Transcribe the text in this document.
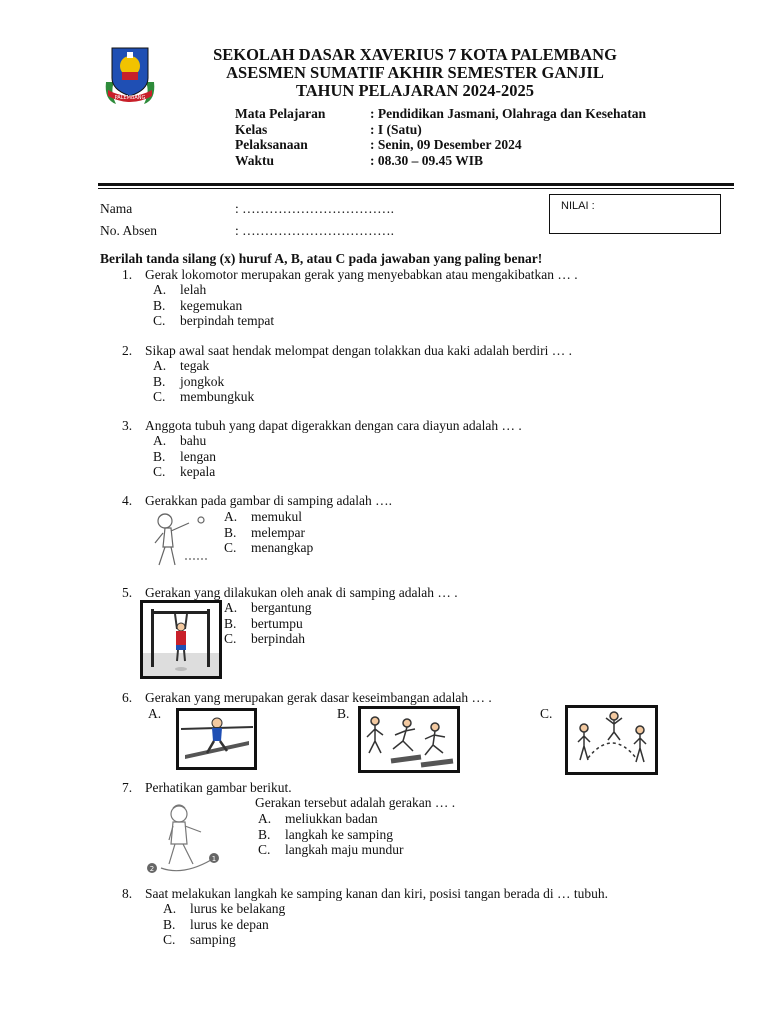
PALEMBANG
SEKOLAH DASAR XAVERIUS 7 KOTA PALEMBANG
ASESMEN SUMATIF AKHIR SEMESTER GANJIL
TAHUN PELAJARAN 2024-2025
Mata Pelajaran	: Pendidikan Jasmani, Olahraga dan Kesehatan
Kelas	: I (Satu)
Pelaksanaan	: Senin, 09 Desember 2024
Waktu	: 08.30 – 09.45 WIB
Nama	: …………………………….
No. Absen	: …………………………….
NILAI :
Berilah tanda silang (x) huruf A, B, atau C pada jawaban yang paling benar!
1. Gerak lokomotor merupakan gerak yang menyebabkan atau mengakibatkan … .
A.	lelah
B.	kegemukan
C.	berpindah tempat
2. Sikap awal saat hendak melompat dengan tolakkan dua kaki adalah berdiri … .
A.	tegak
B.	jongkok
C.	membungkuk
3. Anggota tubuh yang dapat digerakkan dengan cara diayun adalah … .
A.	bahu
B.	lengan
C.	kepala
4. Gerakkan pada gambar di samping adalah ….
A.	memukul
B.	melempar
C.	menangkap
5. Gerakan yang dilakukan oleh anak di samping adalah … .
A.	bergantung
B.	bertumpu
C.	berpindah
6. Gerakan yang merupakan gerak dasar keseimbangan adalah … .
A.	B.	C.
7. Perhatikan gambar berikut.
2
1
Gerakan tersebut adalah gerakan … .
A.	meliukkan badan
B.	langkah ke samping
C.	langkah maju mundur
8. Saat melakukan langkah ke samping kanan dan kiri, posisi tangan berada di … tubuh.
A.	lurus ke belakang
B.	lurus ke depan
C.	samping
